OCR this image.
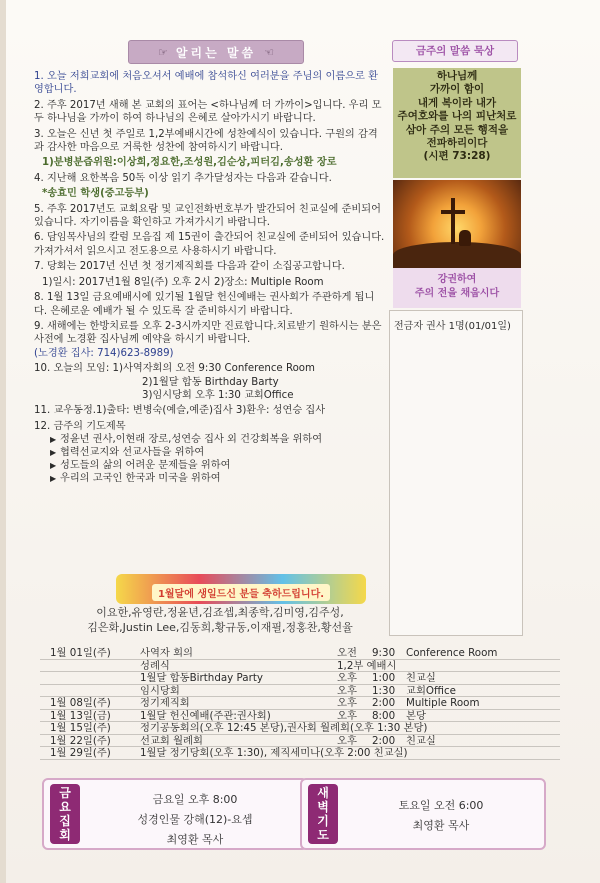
☞ 알리는 말씀 ☜

1. 오늘 저희교회에 처음오셔서 예배에 참석하신 여러분을 주님의 이름으로 환영합니다.

2. 주후 2017년 새해 본 교회의 표어는 <하나님께 더 가까이>입니다. 우리 모두 하나님을 가까이 하여 하나님의 은혜로 살아가시기 바랍니다.

3. 오늘은 신년 첫 주일로 1,2부예배시간에 성찬예식이 있습니다. 구원의 감격과 감사한 마음으로 거룩한 성찬에 참여하시기 바랍니다.

1)분병분즙위원:이상희,정요한,조성원,김순상,피터김,송성환 장로

4. 지난해 요한복음 50독 이상 읽기 추가달성자는 다음과 같습니다.

*송효민 학생(중고등부)

5. 주후 2017년도 교회요람 및 교인전화번호부가 발간되어 친교실에 준비되어 있습니다. 자기이름을 확인하고 가져가시기 바랍니다.

6. 담임목사님의 칼럼 모음집 제 15권이 출간되어 친교실에 준비되어 있습니다. 가져가셔서 읽으시고 전도용으로 사용하시기 바랍니다.

7. 당회는 2017년 신년 첫 정기제직회를 다음과 같이 소집공고합니다.

1)일시: 2017년1월 8일(주) 오후 2시 2)장소: Multiple Room

8. 1월 13일 금요예배시에 있기될 1월달 헌신예배는 권사회가 주관하게 됩니다. 은혜로운 예배가 될 수 있도록 잘 준비하시기 바랍니다.

9. 새해에는 한방치료를 오후 2-3시까지만 진료합니다.치료받기 원하시는 분은 사전에 노경환 집사님께 예약을 하시기 바랍니다.

(노경환 집사: 714)623-8989)

10. 오늘의 모임: 1)사역자회의 오전 9:30 Conference Room

2)1월달 합동 Birthday Barty

3)임시당회 오후 1:30 교회Office

11. 교우동정.1)출타: 변병숙(예슬,예준)집사 3)환우: 성연승 집사

12. 금주의 기도제목

▶ 정윤년 권사,이현래 장로,성연승 집사 외 건강회복을 위하여
▶ 협력선교지와 선교사들을 위하여
▶ 성도들의 삶의 어려운 문제들을 위하여
▶ 우리의 고국인 한국과 미국을 위하여
1월달에 생일드신 분들 축하드립니다.
이요한,유영란,정윤년,김죠셉,최종학,김미영,김주성,
김은화,Justin Lee,김동희,황규동,이재필,정홍찬,황선율
금주의 말씀 묵상
하나님께
가까이 함이
내게 복이라 내가
주여호와를 나의 피난처로
삼아 주의 모든 행적을
전파하리이다
(시편 73:28)
강권하여
주의 전을 채웁시다
전금자 권사 1명(01/01일)
1월 01일(주)	사역자 회의	오전 9:30 Conference Room
성례식	1,2부 예배시
1월달 합동Birthday Party	오후 1:00 친교실
임시당회	오후 1:30 교회Office
1월 08일(주)	정기제직회	오후 2:00 Multiple Room
1월 13일(금)	1월달 헌신예배(주관:권사회)	오후 8:00 본당
1월 15일(주)	정기공동회의(오후 12:45 본당),권사회 월례회(오후 1:30 본당)
1월 22일(주)	선교회 월례회	오후 2:00 친교실
1월 29일(주)	1월달 정기당회(오후 1:30), 제직세미나(오후 2:00 친교실)
금
요
집
회
금요일 오후 8:00
성경인물 강해(12)-요셉
최영환 목사
새
벽
기
도
토요일 오전 6:00
최영환 목사
